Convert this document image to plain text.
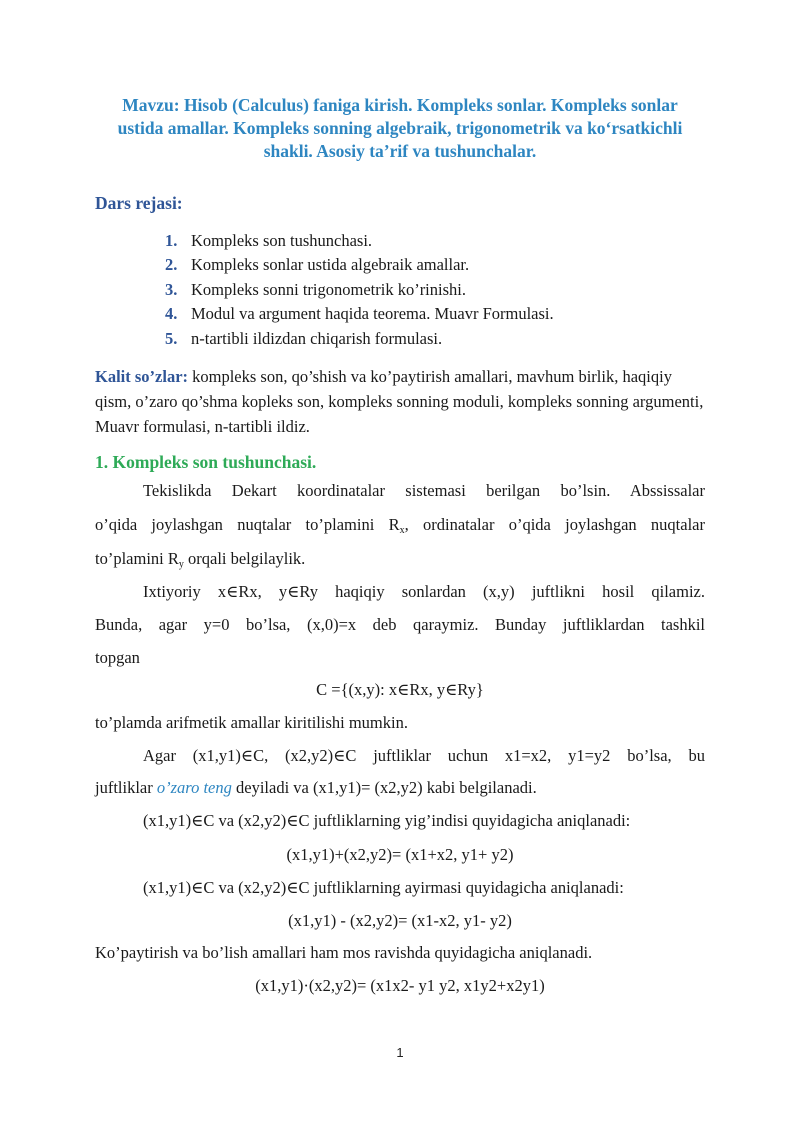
Mavzu: Hisob (Calculus) faniga kirish. Kompleks sonlar. Kompleks sonlar
ustida amallar. Kompleks sonning algebraik, trigonometrik va ko‘rsatkichli
shakli. Asosiy ta’rif va tushunchalar.
Dars rejasi:
1. Kompleks son tushunchasi.
2. Kompleks sonlar ustida algebraik amallar.
3. Kompleks sonni trigonometrik ko’rinishi.
4. Modul va argument haqida teorema. Muavr Formulasi.
5. n-tartibli ildizdan chiqarish formulasi.
Kalit so’zlar: kompleks son, qo’shish va ko’paytirish amallari, mavhum birlik, haqiqiy qism, o’zaro qo’shma kopleks son, kompleks sonning moduli, kompleks sonning argumenti, Muavr formulasi, n-tartibli ildiz.
1. Kompleks son tushunchasi.
Tekislikda Dekart koordinatalar sistemasi berilgan bo’lsin. Abssissalar
o’qida joylashgan nuqtalar to’plamini $R_x$, ordinatalar o’qida joylashgan nuqtalar
to’plamini $R_y$ orqali belgilaylik.
Ixtiyoriy x∈Rx, y∈Ry haqiqiy sonlardan (x,y) juftlikni hosil qilamiz.
Bunda, agar y=0 bo’lsa, (x,0)=x deb qaraymiz. Bunday juftliklardan tashkil
topgan
C ={(x,y): x∈Rx, y∈Ry}
to’plamda arifmetik amallar kiritilishi mumkin.
Agar (x1,y1)∈C, (x2,y2)∈C juftliklar uchun x1=x2, y1=y2 bo’lsa, bu
juftliklar o’zaro teng deyiladi va (x1,y1)= (x2,y2) kabi belgilanadi.
(x1,y1)∈C va (x2,y2)∈C juftliklarning yig’indisi quyidagicha aniqlanadi:
(x1,y1)+(x2,y2)= (x1+x2, y1+ y2)
(x1,y1)∈C va (x2,y2)∈C juftliklarning ayirmasi quyidagicha aniqlanadi:
(x1,y1) - (x2,y2)= (x1-x2, y1- y2)
Ko’paytirish va bo’lish amallari ham mos ravishda quyidagicha aniqlanadi.
(x1,y1)·(x2,y2)= (x1x2- y1 y2, x1y2+x2y1)
1
